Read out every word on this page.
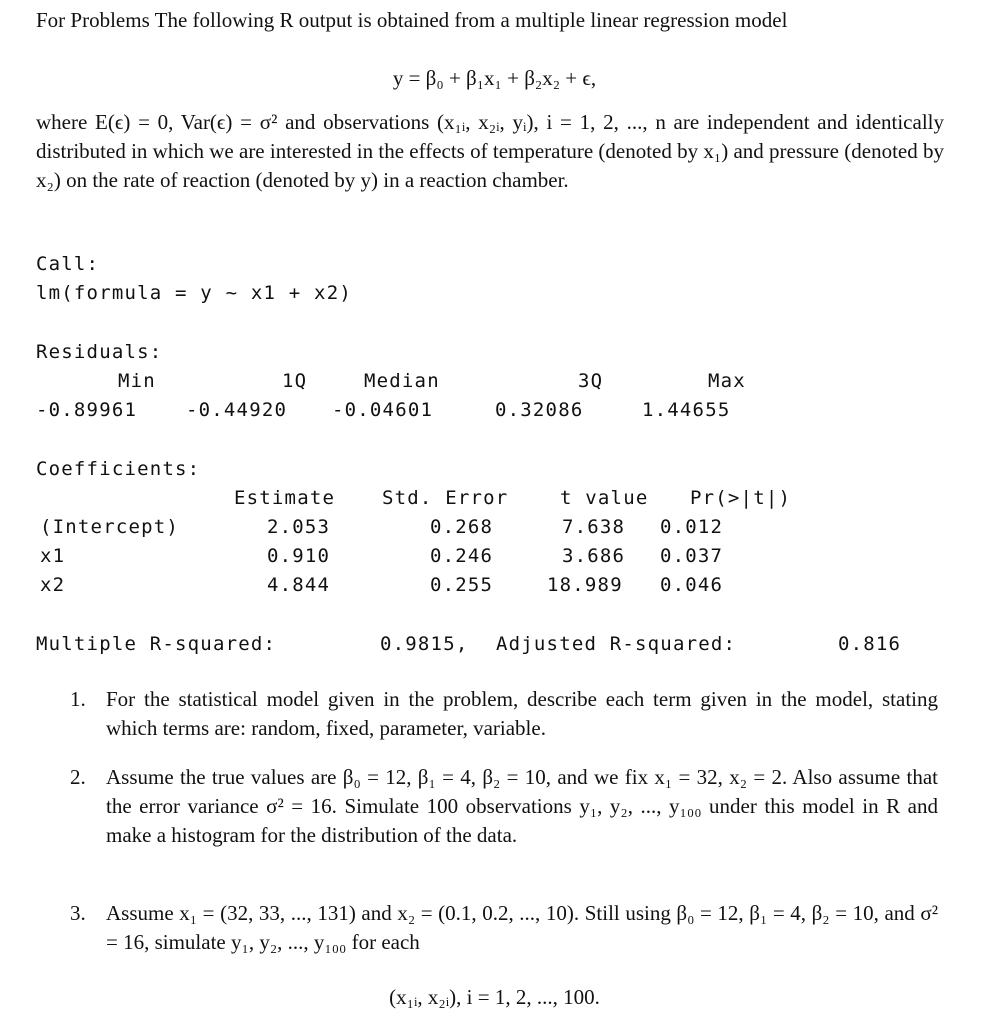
For Problems The following R output is obtained from a multiple linear regression model
y = β₀ + β₁x₁ + β₂x₂ + ϵ,
where E(ϵ) = 0, Var(ϵ) = σ² and observations (x₁ᵢ, x₂ᵢ, yᵢ), i = 1, 2, ..., n are independent and identically distributed in which we are interested in the effects of temperature (denoted by x₁) and pressure (denoted by x₂) on the rate of reaction (denoted by y) in a reaction chamber.
Call:
lm(formula = y ~ x1 + x2)
Residuals:
Min	1Q	Median	3Q	Max
-0.89961	-0.44920 -0.04601	0.32086	1.44655
Coefficients:
Estimate Std. Error	t value Pr(>|t|)
(Intercept)	2.053	0.268	7.638 0.012
x1	0.910	0.246	3.686 0.037
x2	4.844	0.255	18.989 0.046
Multiple R-squared:	0.9815, Adjusted R-squared:	0.816
1. For the statistical model given in the problem, describe each term given in the model, stating which terms are: random, fixed, parameter, variable.
2. Assume the true values are β₀ = 12, β₁ = 4, β₂ = 10, and we fix x₁ = 32, x₂ = 2. Also assume that the error variance σ² = 16. Simulate 100 observations y₁, y₂, ..., y₁₀₀ under this model in R and make a histogram for the distribution of the data.
3. Assume x₁ = (32, 33, ..., 131) and x₂ = (0.1, 0.2, ..., 10). Still using β₀ = 12, β₁ = 4, β₂ = 10, and σ² = 16, simulate y₁, y₂, ..., y₁₀₀ for each
(x₁ᵢ, x₂ᵢ), i = 1, 2, ..., 100.
